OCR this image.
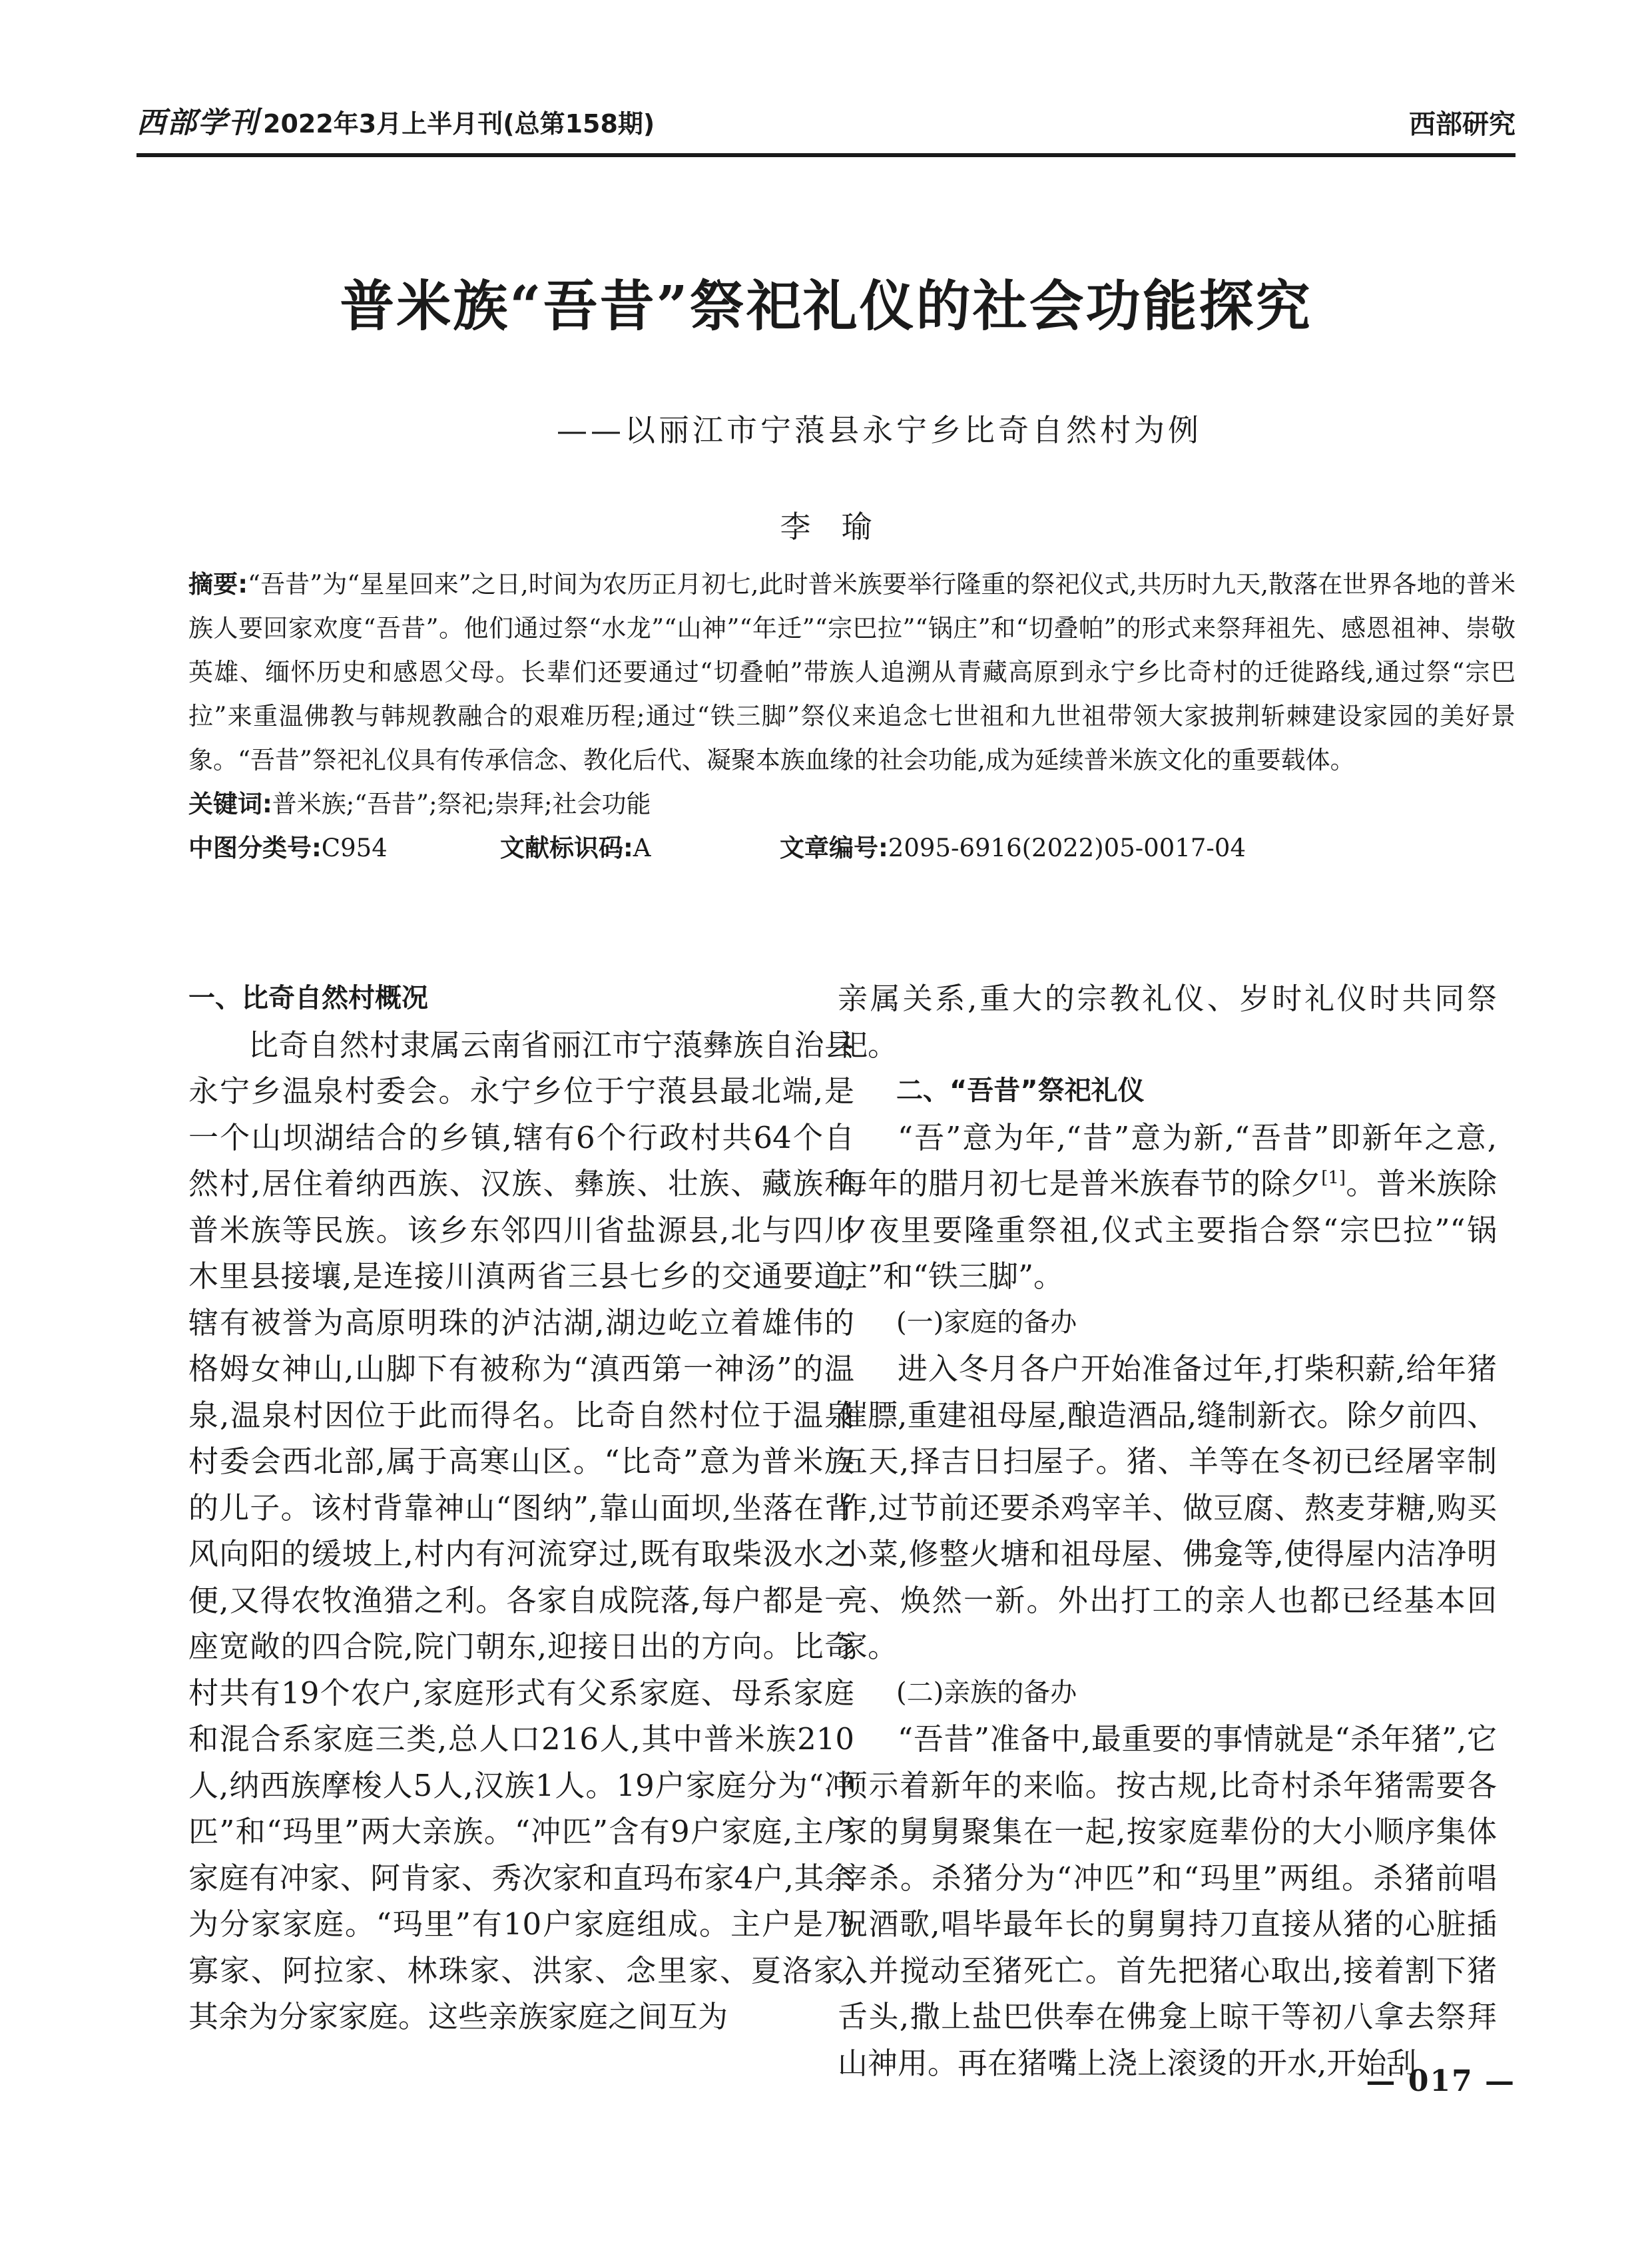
西部学刊 2022年3月上半月刊(总第158期)	西部研究
普米族“吾昔”祭祀礼仪的社会功能探究
——以丽江市宁蒗县永宁乡比奇自然村为例
李瑜

摘要:“吾昔”为“星星回来”之日,时间为农历正月初七,此时普米族要举行隆重的祭祀仪式,共历时九天,散落在世界各地的普米族人要回家欢度“吾昔”。他们通过祭“水龙”“山神”“年迁”“宗巴拉”“锅庄”和“切叠帕”的形式来祭拜祖先、感恩祖神、崇敬英雄、缅怀历史和感恩父母。长辈们还要通过“切叠帕”带族人追溯从青藏高原到永宁乡比奇村的迁徙路线,通过祭“宗巴拉”来重温佛教与韩规教融合的艰难历程;通过“铁三脚”祭仪来追念七世祖和九世祖带领大家披荆斩棘建设家园的美好景象。“吾昔”祭祀礼仪具有传承信念、教化后代、凝聚本族血缘的社会功能,成为延续普米族文化的重要载体。

关键词:普米族;“吾昔”;祭祀;崇拜;社会功能

中图分类号:C954	文献标识码:A	文章编号:2095-6916(2022)05-0017-04

一、比奇自然村概况

比奇自然村隶属云南省丽江市宁蒗彝族自治县永宁乡温泉村委会。永宁乡位于宁蒗县最北端,是一个山坝湖结合的乡镇,辖有6个行政村共64个自然村,居住着纳西族、汉族、彝族、壮族、藏族和普米族等民族。该乡东邻四川省盐源县,北与四川木里县接壤,是连接川滇两省三县七乡的交通要道,辖有被誉为高原明珠的泸沽湖,湖边屹立着雄伟的格姆女神山,山脚下有被称为“滇西第一神汤”的温泉,温泉村因位于此而得名。比奇自然村位于温泉村委会西北部,属于高寒山区。“比奇”意为普米族的儿子。该村背靠神山“图纳”,靠山面坝,坐落在背风向阳的缓坡上,村内有河流穿过,既有取柴汲水之便,又得农牧渔猎之利。各家自成院落,每户都是一座宽敞的四合院,院门朝东,迎接日出的方向。比奇村共有19个农户,家庭形式有父系家庭、母系家庭和混合系家庭三类,总人口216人,其中普米族210人,纳西族摩梭人5人,汉族1人。19户家庭分为“冲匹”和“玛里”两大亲族。“冲匹”含有9户家庭,主户家庭有冲家、阿肯家、秀次家和直玛布家4户,其余为分家家庭。“玛里”有10户家庭组成。主户是乃寡家、阿拉家、林珠家、洪家、念里家、夏洛家,其余为分家家庭。这些亲族家庭之间互为

亲属关系,重大的宗教礼仪、岁时礼仪时共同祭祀。

二、“吾昔”祭祀礼仪

“吾”意为年,“昔”意为新,“吾昔”即新年之意,每年的腊月初七是普米族春节的除夕[1]。普米族除夕夜里要隆重祭祖,仪式主要指合祭“宗巴拉”“锅庄”和“铁三脚”。

(一)家庭的备办

进入冬月各户开始准备过年,打柴积薪,给年猪催膘,重建祖母屋,酿造酒品,缝制新衣。除夕前四、五天,择吉日扫屋子。猪、羊等在冬初已经屠宰制作,过节前还要杀鸡宰羊、做豆腐、熬麦芽糖,购买小菜,修整火塘和祖母屋、佛龛等,使得屋内洁净明亮、焕然一新。外出打工的亲人也都已经基本回家。

(二)亲族的备办

“吾昔”准备中,最重要的事情就是“杀年猪”,它预示着新年的来临。按古规,比奇村杀年猪需要各家的舅舅聚集在一起,按家庭辈份的大小顺序集体宰杀。杀猪分为“冲匹”和“玛里”两组。杀猪前唱祝酒歌,唱毕最年长的舅舅持刀直接从猪的心脏插入并搅动至猪死亡。首先把猪心取出,接着割下猪舌头,撒上盐巴供奉在佛龛上晾干等初八拿去祭拜山神用。再在猪嘴上浇上滚烫的开水,开始刮

— 017 —
